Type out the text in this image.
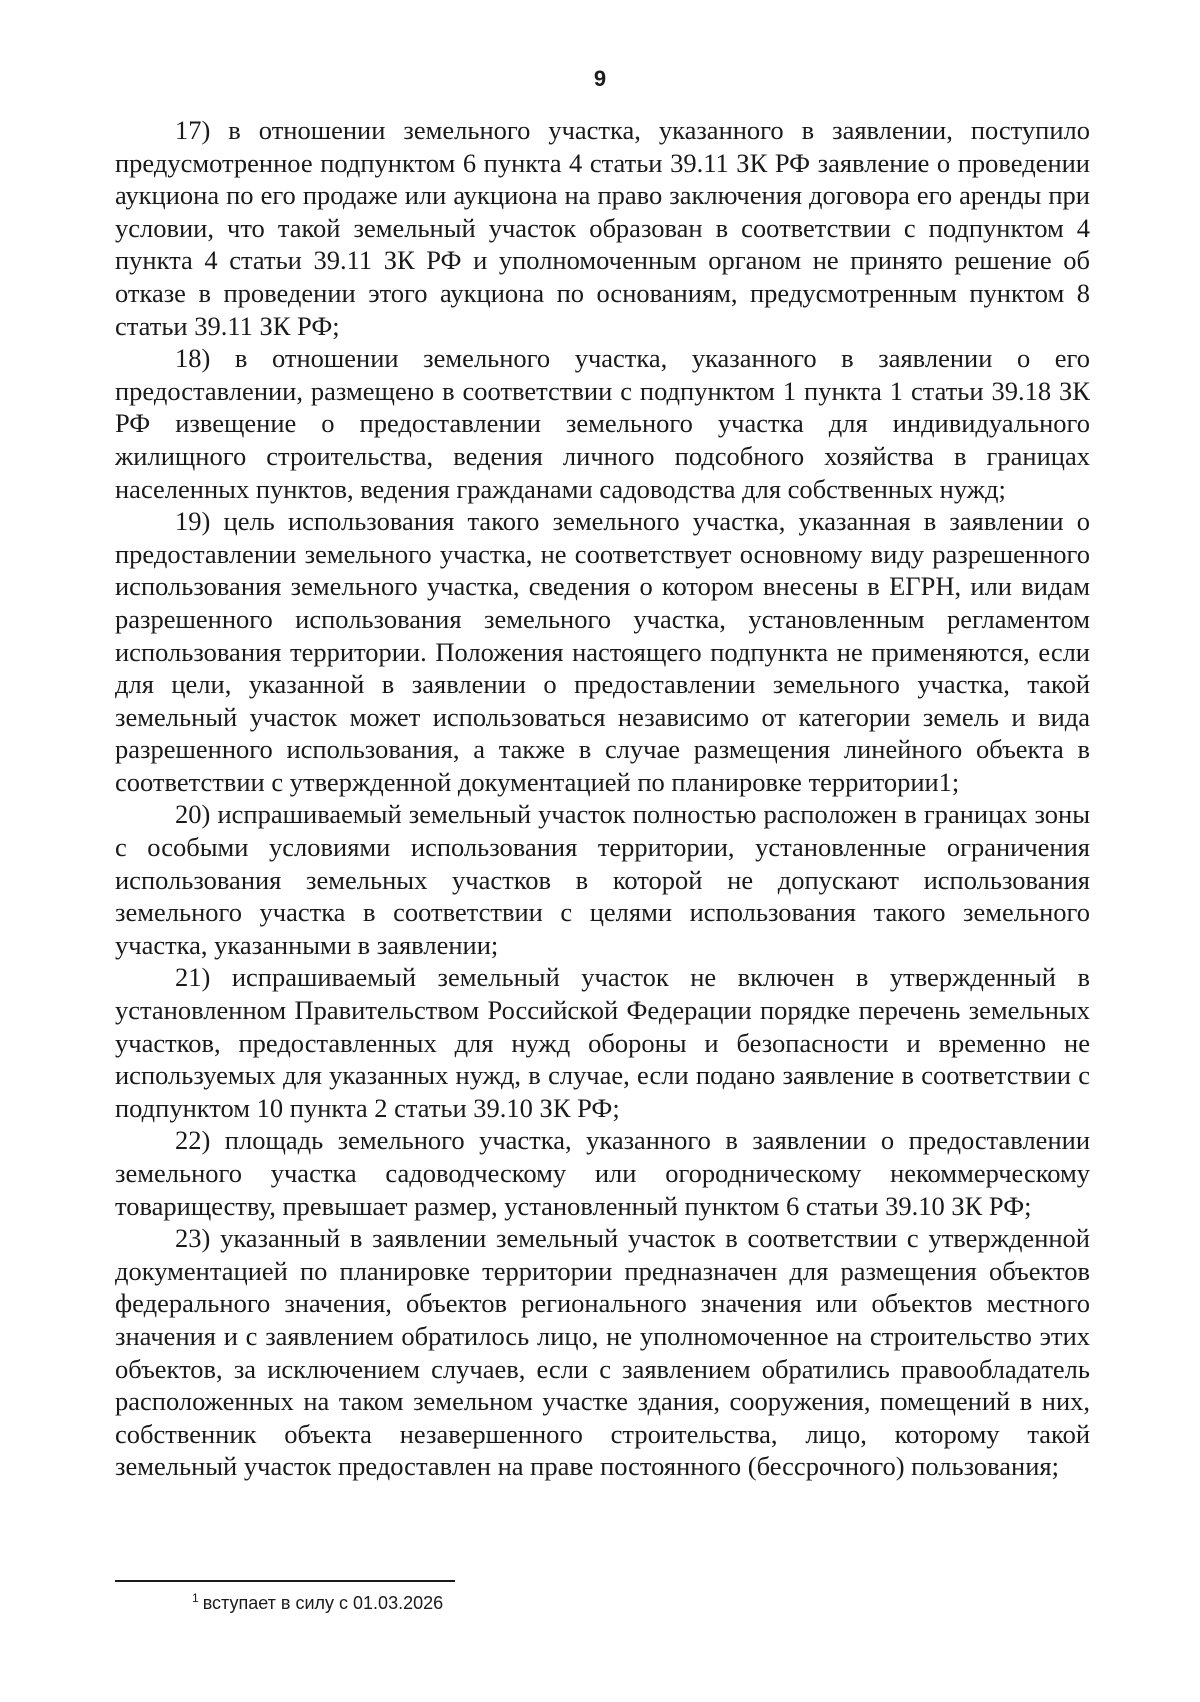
9

17) в отношении земельного участка, указанного в заявлении, поступило предусмотренное подпунктом 6 пункта 4 статьи 39.11 ЗК РФ заявление о проведении аукциона по его продаже или аукциона на право заключения договора его аренды при условии, что такой земельный участок образован в соответствии с подпунктом 4 пункта 4 статьи 39.11 ЗК РФ и уполномоченным органом не принято решение об отказе в проведении этого аукциона по основаниям, предусмотренным пунктом 8 статьи 39.11 ЗК РФ;

18) в отношении земельного участка, указанного в заявлении о его предоставлении, размещено в соответствии с подпунктом 1 пункта 1 статьи 39.18 ЗК РФ извещение о предоставлении земельного участка для индивидуального жилищного строительства, ведения личного подсобного хозяйства в границах населенных пунктов, ведения гражданами садоводства для собственных нужд;

19) цель использования такого земельного участка, указанная в заявлении о предоставлении земельного участка, не соответствует основному виду разрешенного использования земельного участка, сведения о котором внесены в ЕГРН, или видам разрешенного использования земельного участка, установленным регламентом использования территории. Положения настоящего подпункта не применяются, если для цели, указанной в заявлении о предоставлении земельного участка, такой земельный участок может использоваться независимо от категории земель и вида разрешенного использования, а также в случае размещения линейного объекта в соответствии с утвержденной документацией по планировке территории1;

20) испрашиваемый земельный участок полностью расположен в границах зоны с особыми условиями использования территории, установленные ограничения использования земельных участков в которой не допускают использования земельного участка в соответствии с целями использования такого земельного участка, указанными в заявлении;

21) испрашиваемый земельный участок не включен в утвержденный в установленном Правительством Российской Федерации порядке перечень земельных участков, предоставленных для нужд обороны и безопасности и временно не используемых для указанных нужд, в случае, если подано заявление в соответствии с подпунктом 10 пункта 2 статьи 39.10 ЗК РФ;

22) площадь земельного участка, указанного в заявлении о предоставлении земельного участка садоводческому или огородническому некоммерческому товариществу, превышает размер, установленный пунктом 6 статьи 39.10 ЗК РФ;

23) указанный в заявлении земельный участок в соответствии с утвержденной документацией по планировке территории предназначен для размещения объектов федерального значения, объектов регионального значения или объектов местного значения и с заявлением обратилось лицо, не уполномоченное на строительство этих объектов, за исключением случаев, если с заявлением обратились правообладатель расположенных на таком земельном участке здания, сооружения, помещений в них, собственник объекта незавершенного строительства, лицо, которому такой земельный участок предоставлен на праве постоянного (бессрочного) пользования;

$^1$ вступает в силу с 01.03.2026
